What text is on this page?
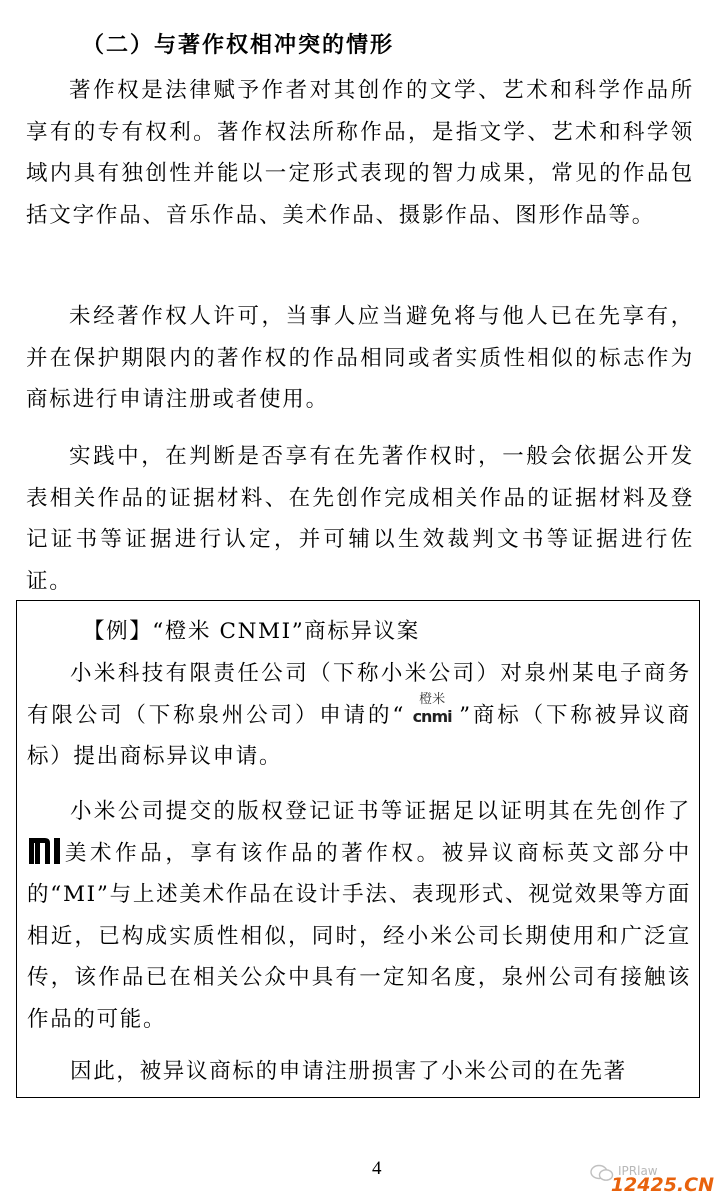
（二）与著作权相冲突的情形

著作权是法律赋予作者对其创作的文学、艺术和科学作品所享有的专有权利。著作权法所称作品，是指文学、艺术和科学领域内具有独创性并能以一定形式表现的智力成果，常见的作品包括文字作品、音乐作品、美术作品、摄影作品、图形作品等。

未经著作权人许可，当事人应当避免将与他人已在先享有，并在保护期限内的著作权的作品相同或者实质性相似的标志作为商标进行申请注册或者使用。

实践中，在判断是否享有在先著作权时，一般会依据公开发表相关作品的证据材料、在先创作完成相关作品的证据材料及登记证书等证据进行认定，并可辅以生效裁判文书等证据进行佐证。

【例】“橙米 CNMI”商标异议案

小米科技有限责任公司（下称小米公司）对泉州某电子商务有限公司（下称泉州公司）申请的“
橙米
cnmi ”商标（下称被异议商标）提出商标异议申请。

小米公司提交的版权登记证书等证据足以证明其在先创作了美术作品，享有该作品的著作权。被异议商标英文部分中的“MI”与上述美术作品在设计手法、表现形式、视觉效果等方面相近，已构成实质性相似，同时，经小米公司长期使用和广泛宣传，该作品已在相关公众中具有一定知名度，泉州公司有接触该作品的可能。

因此，被异议商标的申请注册损害了小米公司的在先著

4	IPRlaw
12425.CN
